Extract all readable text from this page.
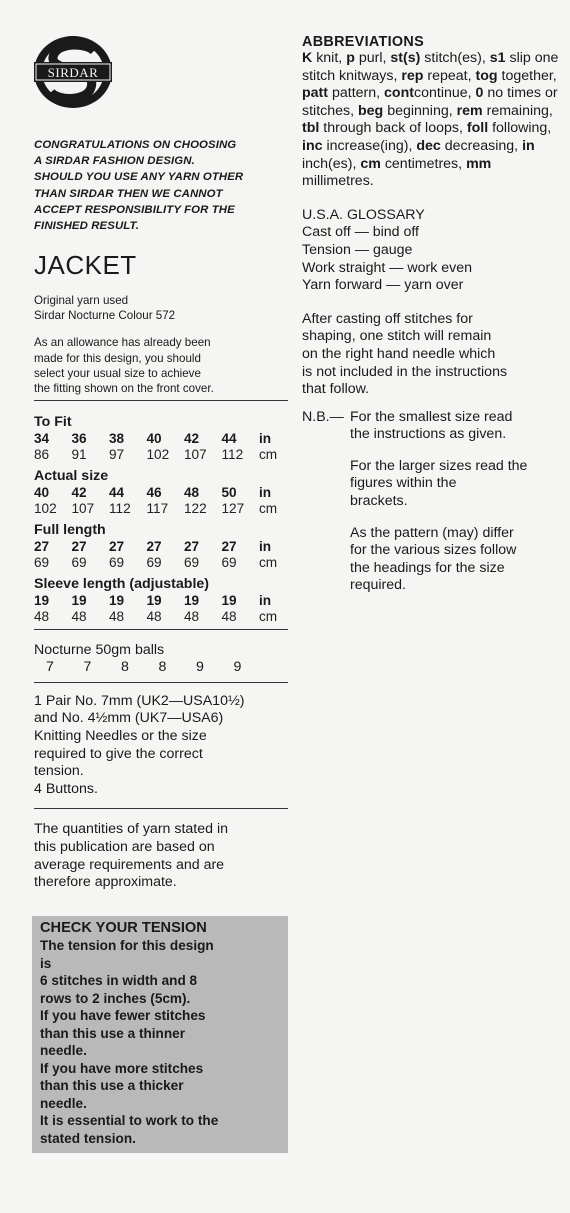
SIRDAR
CONGRATULATIONS ON CHOOSING
A SIRDAR FASHION DESIGN.
SHOULD YOU USE ANY YARN OTHER
THAN SIRDAR THEN WE CANNOT
ACCEPT RESPONSIBILITY FOR THE
FINISHED RESULT.
JACKET
Original yarn used
Sirdar Nocturne Colour 572
As an allowance has already been
made for this design, you should
select your usual size to achieve
the fitting shown on the front cover.
To Fit
34	36	38	40	42	44	in
86	91	97	102	107	112	cm
Actual size
40	42	44	46	48	50	in
102	107	112	117	122	127	cm
Full length
27	27	27	27	27	27	in
69	69	69	69	69	69	cm
Sleeve length (adjustable)
19	19	19	19	19	19	in
48	48	48	48	48	48	cm
Nocturne 50gm balls
7	7	8	8	9	9
1 Pair No. 7mm (UK2—USA10½)
and No. 4½mm (UK7—USA6)
Knitting Needles or the size
required to give the correct
tension.
4 Buttons.
The quantities of yarn stated in
this publication are based on
average requirements and are
therefore approximate.
CHECK YOUR TENSION
The tension for this design
is
6 stitches in width and 8
rows to 2 inches (5cm).
If you have fewer stitches
than this use a thinner
needle.
If you have more stitches
than this use a thicker
needle.
It is essential to work to the
stated tension.
ABBREVIATIONS
K knit, p purl, st(s) stitch(es), s1 slip one stitch knitways, rep repeat, tog together, patt pattern, contcontinue, 0 no times or stitches, beg beginning, rem remaining, tbl through back of loops, foll following, inc increase(ing), dec decreasing, in inch(es), cm centimetres, mm millimetres.
U.S.A. GLOSSARY
Cast off — bind off
Tension — gauge
Work straight — work even
Yarn forward — yarn over
After casting off stitches for
shaping, one stitch will remain
on the right hand needle which
is not included in the instructions
that follow.
N.B.— For the smallest size read
the instructions as given.
For the larger sizes read the
figures within the
brackets.
As the pattern (may) differ
for the various sizes follow
the headings for the size
required.
